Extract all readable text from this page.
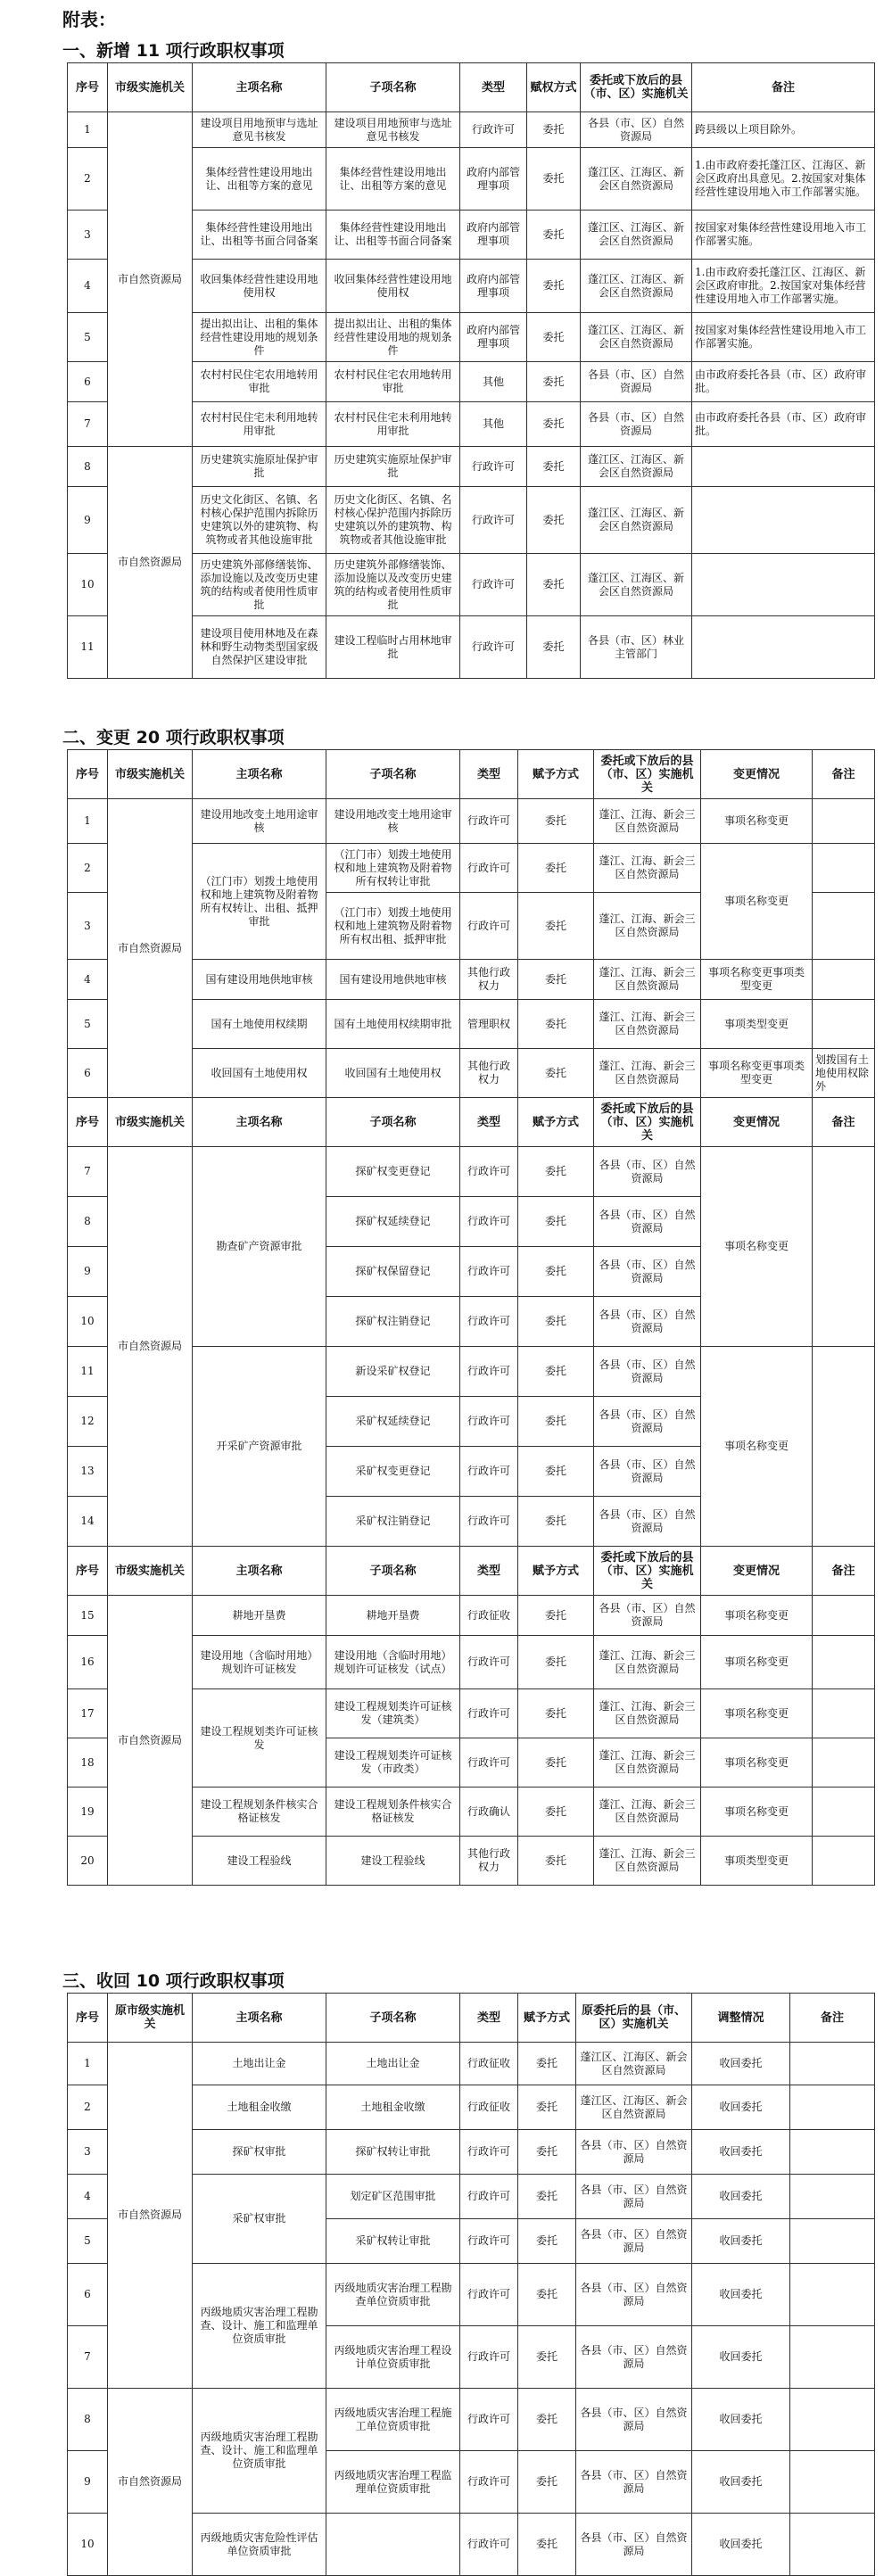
附表：
一、新增 11 项行政职权事项
序号	市级实施机关	主项名称	子项名称	类型	赋权方式	委托或下放后的县（市、区）实施机关	备注
1	市自然资源局	建设项目用地预审与选址意见书核发	建设项目用地预审与选址意见书核发	行政许可	委托	各县（市、区）自然资源局	跨县级以上项目除外。
2		集体经营性建设用地出让、出租等方案的意见	集体经营性建设用地出让、出租等方案的意见	政府内部管理事项	委托	蓬江区、江海区、新会区自然资源局	1.由市政府委托蓬江区、江海区、新会区政府出具意见。2.按国家对集体经营性建设用地入市工作部署实施。
3		集体经营性建设用地出让、出租等书面合同备案	集体经营性建设用地出让、出租等书面合同备案	政府内部管理事项	委托	蓬江区、江海区、新会区自然资源局	按国家对集体经营性建设用地入市工作部署实施。
4		收回集体经营性建设用地使用权	收回集体经营性建设用地使用权	政府内部管理事项	委托	蓬江区、江海区、新会区自然资源局	1.由市政府委托蓬江区、江海区、新会区政府审批。2.按国家对集体经营性建设用地入市工作部署实施。
5		提出拟出让、出租的集体经营性建设用地的规划条件	提出拟出让、出租的集体经营性建设用地的规划条件	政府内部管理事项	委托	蓬江区、江海区、新会区自然资源局	按国家对集体经营性建设用地入市工作部署实施。
6		农村村民住宅农用地转用审批	农村村民住宅农用地转用审批	其他	委托	各县（市、区）自然资源局	由市政府委托各县（市、区）政府审批。
7		农村村民住宅未利用地转用审批	农村村民住宅未利用地转用审批	其他	委托	各县（市、区）自然资源局	由市政府委托各县（市、区）政府审批。
8	市自然资源局	历史建筑实施原址保护审批	历史建筑实施原址保护审批	行政许可	委托	蓬江区、江海区、新会区自然资源局	
9		历史文化街区、名镇、名村核心保护范围内拆除历史建筑以外的建筑物、构筑物或者其他设施审批	历史文化街区、名镇、名村核心保护范围内拆除历史建筑以外的建筑物、构筑物或者其他设施审批	行政许可	委托	蓬江区、江海区、新会区自然资源局	
10		历史建筑外部修缮装饰、添加设施以及改变历史建筑的结构或者使用性质审批	历史建筑外部修缮装饰、添加设施以及改变历史建筑的结构或者使用性质审批	行政许可	委托	蓬江区、江海区、新会区自然资源局	
11		建设项目使用林地及在森林和野生动物类型国家级自然保护区建设审批	建设工程临时占用林地审批	行政许可	委托	各县（市、区）林业主管部门	
二、变更 20 项行政职权事项
序号	市级实施机关	主项名称	子项名称	类型	赋予方式	委托或下放后的县（市、区）实施机关	变更情况	备注
1	市自然资源局	建设用地改变土地用途审核	建设用地改变土地用途审核	行政许可	委托	蓬江、江海、新会三区自然资源局	事项名称变更	
2		（江门市）划拨土地使用权和地上建筑物及附着物所有权转让、出租、抵押审批	（江门市）划拨土地使用权和地上建筑物及附着物所有权转让审批	行政许可	委托	蓬江、江海、新会三区自然资源局	事项名称变更	
3			（江门市）划拨土地使用权和地上建筑物及附着物所有权出租、抵押审批	行政许可	委托	蓬江、江海、新会三区自然资源局		
4		国有建设用地供地审核	国有建设用地供地审核	其他行政权力	委托	蓬江、江海、新会三区自然资源局	事项名称变更事项类型变更	
5		国有土地使用权续期	国有土地使用权续期审批	管理职权	委托	蓬江、江海、新会三区自然资源局	事项类型变更	
6		收回国有土地使用权	收回国有土地使用权	其他行政权力	委托	蓬江、江海、新会三区自然资源局	事项名称变更事项类型变更	划拨国有土地使用权除外
序号	市级实施机关	主项名称	子项名称	类型	赋予方式	委托或下放后的县（市、区）实施机关	变更情况	备注
7	市自然资源局	勘查矿产资源审批	探矿权变更登记	行政许可	委托	各县（市、区）自然资源局	事项名称变更	
8			探矿权延续登记	行政许可	委托	各县（市、区）自然资源局		
9			探矿权保留登记	行政许可	委托	各县（市、区）自然资源局		
10			探矿权注销登记	行政许可	委托	各县（市、区）自然资源局		
11		开采矿产资源审批	新设采矿权登记	行政许可	委托	各县（市、区）自然资源局	事项名称变更	
12			采矿权延续登记	行政许可	委托	各县（市、区）自然资源局		
13			采矿权变更登记	行政许可	委托	各县（市、区）自然资源局		
14			采矿权注销登记	行政许可	委托	各县（市、区）自然资源局		
序号	市级实施机关	主项名称	子项名称	类型	赋予方式	委托或下放后的县（市、区）实施机关	变更情况	备注
15	市自然资源局	耕地开垦费	耕地开垦费	行政征收	委托	各县（市、区）自然资源局	事项名称变更	
16		建设用地（含临时用地）规划许可证核发	建设用地（含临时用地）规划许可证核发（试点）	行政许可	委托	蓬江、江海、新会三区自然资源局	事项名称变更	
17		建设工程规划类许可证核发	建设工程规划类许可证核发（建筑类）	行政许可	委托	蓬江、江海、新会三区自然资源局	事项名称变更	
18			建设工程规划类许可证核发（市政类）	行政许可	委托	蓬江、江海、新会三区自然资源局	事项名称变更	
19		建设工程规划条件核实合格证核发	建设工程规划条件核实合格证核发	行政确认	委托	蓬江、江海、新会三区自然资源局	事项名称变更	
20		建设工程验线	建设工程验线	其他行政权力	委托	蓬江、江海、新会三区自然资源局	事项类型变更	
三、收回 10 项行政职权事项
序号	原市级实施机关	主项名称	子项名称	类型	赋予方式	原委托后的县（市、区）实施机关	调整情况	备注
1	市自然资源局	土地出让金	土地出让金	行政征收	委托	蓬江区、江海区、新会区自然资源局	收回委托	
2		土地租金收缴	土地租金收缴	行政征收	委托	蓬江区、江海区、新会区自然资源局	收回委托	
3		探矿权审批	探矿权转让审批	行政许可	委托	各县（市、区）自然资源局	收回委托	
4		采矿权审批	划定矿区范围审批	行政许可	委托	各县（市、区）自然资源局	收回委托	
5			采矿权转让审批	行政许可	委托	各县（市、区）自然资源局	收回委托	
6		丙级地质灾害治理工程勘查、设计、施工和监理单位资质审批	丙级地质灾害治理工程勘查单位资质审批	行政许可	委托	各县（市、区）自然资源局	收回委托	
7			丙级地质灾害治理工程设计单位资质审批	行政许可	委托	各县（市、区）自然资源局	收回委托	
8	市自然资源局	丙级地质灾害治理工程勘查、设计、施工和监理单位资质审批	丙级地质灾害治理工程施工单位资质审批	行政许可	委托	各县（市、区）自然资源局	收回委托	
9			丙级地质灾害治理工程监理单位资质审批	行政许可	委托	各县（市、区）自然资源局	收回委托	
10		丙级地质灾害危险性评估单位资质审批		行政许可	委托	各县（市、区）自然资源局	收回委托	
